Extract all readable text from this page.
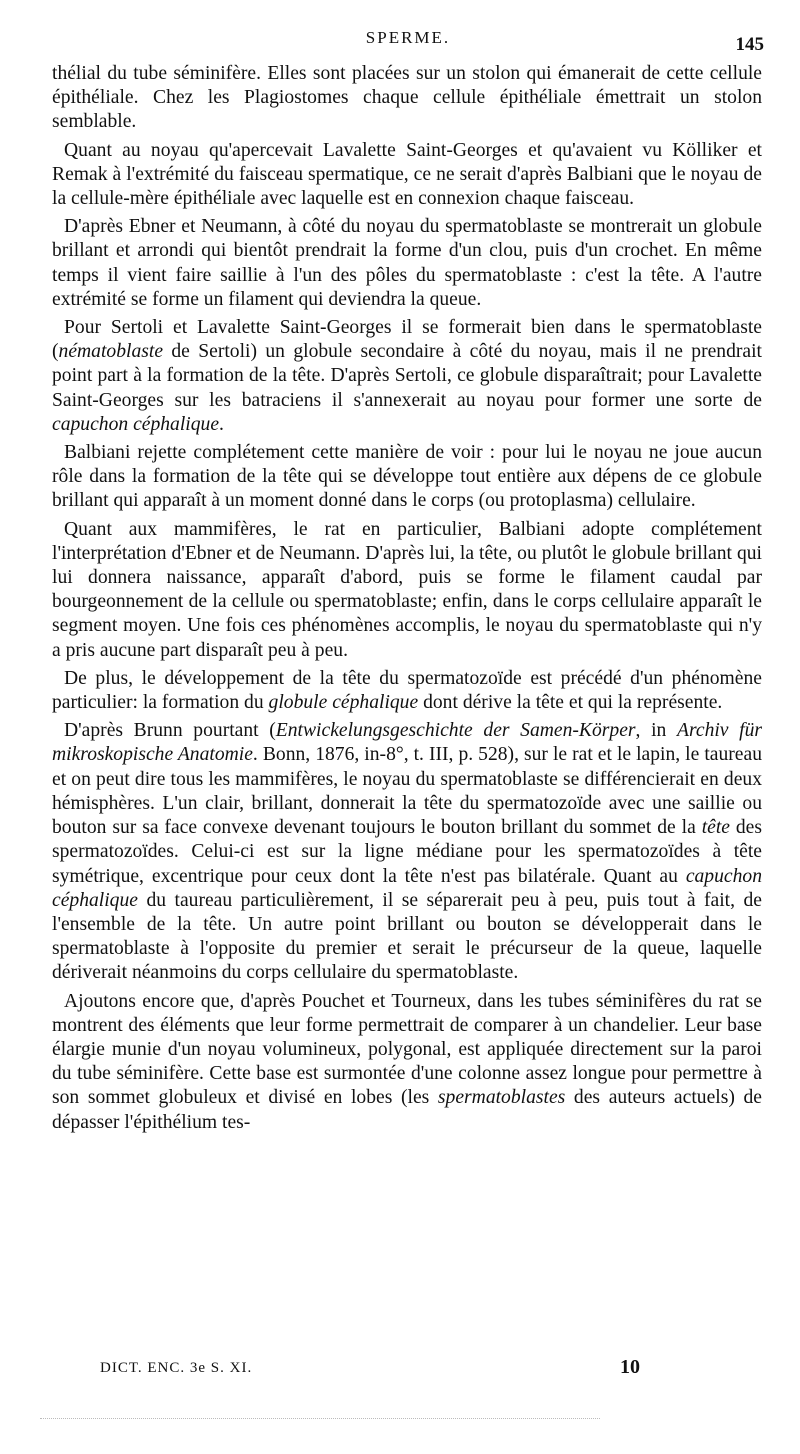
SPERME.	145

thélial du tube séminifère. Elles sont placées sur un stolon qui émanerait de cette cellule épithéliale. Chez les Plagiostomes chaque cellule épithéliale émettrait un stolon semblable.

Quant au noyau qu'apercevait Lavalette Saint-Georges et qu'avaient vu Kölliker et Remak à l'extrémité du faisceau spermatique, ce ne serait d'après Balbiani que le noyau de la cellule-mère épithéliale avec laquelle est en connexion chaque faisceau.

D'après Ebner et Neumann, à côté du noyau du spermatoblaste se montrerait un globule brillant et arrondi qui bientôt prendrait la forme d'un clou, puis d'un crochet. En même temps il vient faire saillie à l'un des pôles du spermatoblaste : c'est la tête. A l'autre extrémité se forme un filament qui deviendra la queue.

Pour Sertoli et Lavalette Saint-Georges il se formerait bien dans le spermatoblaste (nématoblaste de Sertoli) un globule secondaire à côté du noyau, mais il ne prendrait point part à la formation de la tête. D'après Sertoli, ce globule disparaîtrait; pour Lavalette Saint-Georges sur les batraciens il s'annexerait au noyau pour former une sorte de capuchon céphalique.

Balbiani rejette complétement cette manière de voir : pour lui le noyau ne joue aucun rôle dans la formation de la tête qui se développe tout entière aux dépens de ce globule brillant qui apparaît à un moment donné dans le corps (ou protoplasma) cellulaire.

Quant aux mammifères, le rat en particulier, Balbiani adopte complétement l'interprétation d'Ebner et de Neumann. D'après lui, la tête, ou plutôt le globule brillant qui lui donnera naissance, apparaît d'abord, puis se forme le filament caudal par bourgeonnement de la cellule ou spermatoblaste; enfin, dans le corps cellulaire apparaît le segment moyen. Une fois ces phénomènes accomplis, le noyau du spermatoblaste qui n'y a pris aucune part disparaît peu à peu.

De plus, le développement de la tête du spermatozoïde est précédé d'un phénomène particulier: la formation du globule céphalique dont dérive la tête et qui la représente.

D'après Brunn pourtant (Entwickelungsgeschichte der Samen-Körper, in Archiv für mikroskopische Anatomie. Bonn, 1876, in-8°, t. III, p. 528), sur le rat et le lapin, le taureau et on peut dire tous les mammifères, le noyau du spermatoblaste se différencierait en deux hémisphères. L'un clair, brillant, donnerait la tête du spermatozoïde avec une saillie ou bouton sur sa face convexe devenant toujours le bouton brillant du sommet de la tête des spermatozoïdes. Celui-ci est sur la ligne médiane pour les spermatozoïdes à tête symétrique, excentrique pour ceux dont la tête n'est pas bilatérale. Quant au capuchon céphalique du taureau particulièrement, il se séparerait peu à peu, puis tout à fait, de l'ensemble de la tête. Un autre point brillant ou bouton se développerait dans le spermatoblaste à l'opposite du premier et serait le précurseur de la queue, laquelle dériverait néanmoins du corps cellulaire du spermatoblaste.

Ajoutons encore que, d'après Pouchet et Tourneux, dans les tubes séminifères du rat se montrent des éléments que leur forme permettrait de comparer à un chandelier. Leur base élargie munie d'un noyau volumineux, polygonal, est appliquée directement sur la paroi du tube séminifère. Cette base est surmontée d'une colonne assez longue pour permettre à son sommet globuleux et divisé en lobes (les spermatoblastes des auteurs actuels) de dépasser l'épithélium tes-

DICT. ENC. 3e S. XI.	10
